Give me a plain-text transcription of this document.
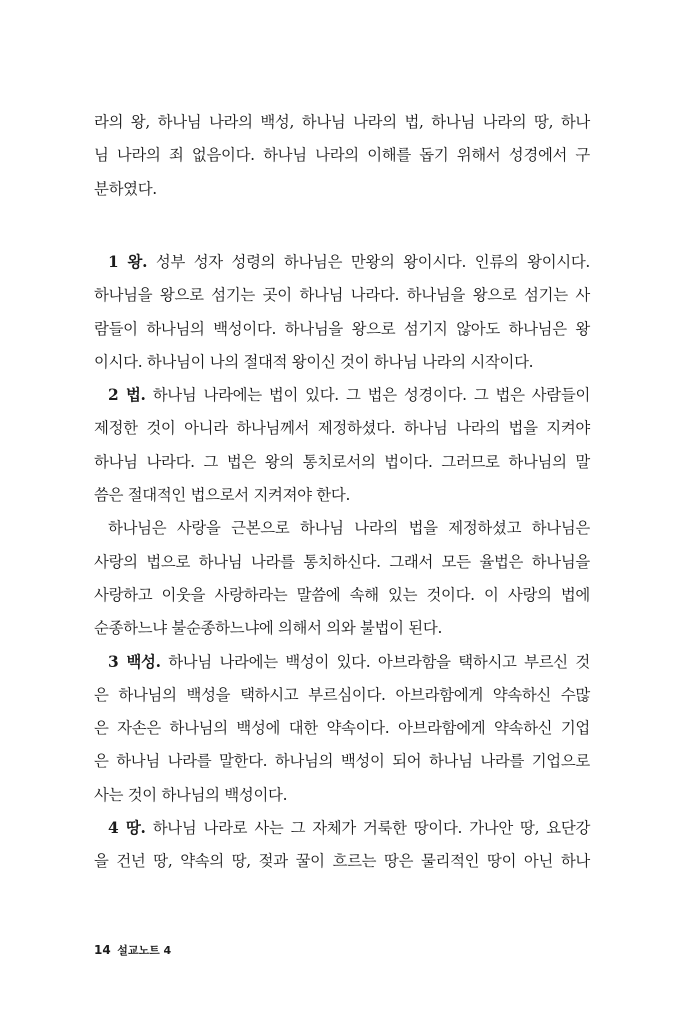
라의 왕, 하나님 나라의 백성, 하나님 나라의 법, 하나님 나라의 땅, 하나
님 나라의 죄 없음이다. 하나님 나라의 이해를 돕기 위해서 성경에서 구
분하였다.
1 왕. 성부 성자 성령의 하나님은 만왕의 왕이시다. 인류의 왕이시다.
하나님을 왕으로 섬기는 곳이 하나님 나라다. 하나님을 왕으로 섬기는 사
람들이 하나님의 백성이다. 하나님을 왕으로 섬기지 않아도 하나님은 왕
이시다. 하나님이 나의 절대적 왕이신 것이 하나님 나라의 시작이다.
2 법. 하나님 나라에는 법이 있다. 그 법은 성경이다. 그 법은 사람들이
제정한 것이 아니라 하나님께서 제정하셨다. 하나님 나라의 법을 지켜야
하나님 나라다. 그 법은 왕의 통치로서의 법이다. 그러므로 하나님의 말
씀은 절대적인 법으로서 지켜져야 한다.
하나님은 사랑을 근본으로 하나님 나라의 법을 제정하셨고 하나님은
사랑의 법으로 하나님 나라를 통치하신다. 그래서 모든 율법은 하나님을
사랑하고 이웃을 사랑하라는 말씀에 속해 있는 것이다. 이 사랑의 법에
순종하느냐 불순종하느냐에 의해서 의와 불법이 된다.
3 백성. 하나님 나라에는 백성이 있다. 아브라함을 택하시고 부르신 것
은 하나님의 백성을 택하시고 부르심이다. 아브라함에게 약속하신 수많
은 자손은 하나님의 백성에 대한 약속이다. 아브라함에게 약속하신 기업
은 하나님 나라를 말한다. 하나님의 백성이 되어 하나님 나라를 기업으로
사는 것이 하나님의 백성이다.
4 땅. 하나님 나라로 사는 그 자체가 거룩한 땅이다. 가나안 땅, 요단강
을 건넌 땅, 약속의 땅, 젖과 꿀이 흐르는 땅은 물리적인 땅이 아닌 하나
14 설교노트 4
